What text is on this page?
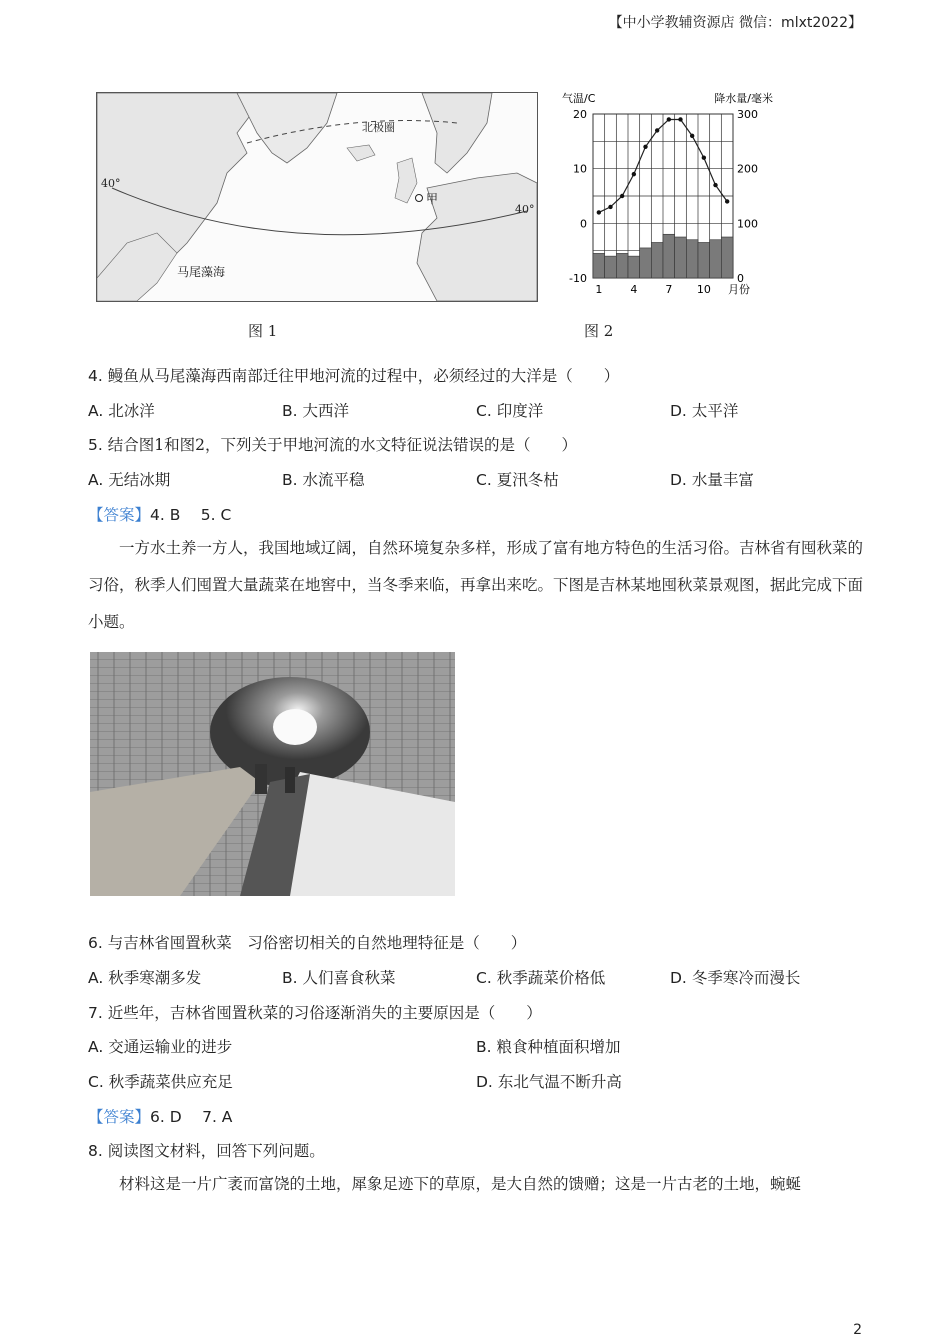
【中小学教辅资源店 微信：mlxt2022】
北极圈
甲
40°
40°
马尾藻海
图 1
20
10
0
-10
300
200
100
0
1	4	7 10 月份
气温/C	降水量/毫米
图 2
4. 鳗鱼从马尾藻海西南部迁往甲地河流的过程中，必须经过的大洋是（　　）
A. 北冰洋	B. 大西洋	C. 印度洋	D. 太平洋
5. 结合图1和图2，下列关于甲地河流的水文特征说法错误的是（　　）
A. 无结冰期	B. 水流平稳	C. 夏汛冬枯	D. 水量丰富
【答案】4. B　 5. C
一方水土养一方人，我国地域辽阔，自然环境复杂多样，形成了富有地方特色的生活习俗。吉林省有囤秋菜的习俗，秋季人们囤置大量蔬菜在地窖中，当冬季来临，再拿出来吃。下图是吉林某地囤秋菜景观图，据此完成下面小题。
6. 与吉林省囤置秋菜　习俗密切相关的自然地理特征是（　　）
A. 秋季寒潮多发	B. 人们喜食秋菜	C. 秋季蔬菜价格低	D. 冬季寒冷而漫长
7. 近些年，吉林省囤置秋菜的习俗逐渐消失的主要原因是（　　）
A. 交通运输业的进步	B. 粮食种植面积增加
C. 秋季蔬菜供应充足	D. 东北气温不断升高
【答案】6. D　 7. A
8. 阅读图文材料，回答下列问题。
材料这是一片广袤而富饶的土地，犀象足迹下的草原，是大自然的馈赠；这是一片古老的土地，蜿蜒
2
